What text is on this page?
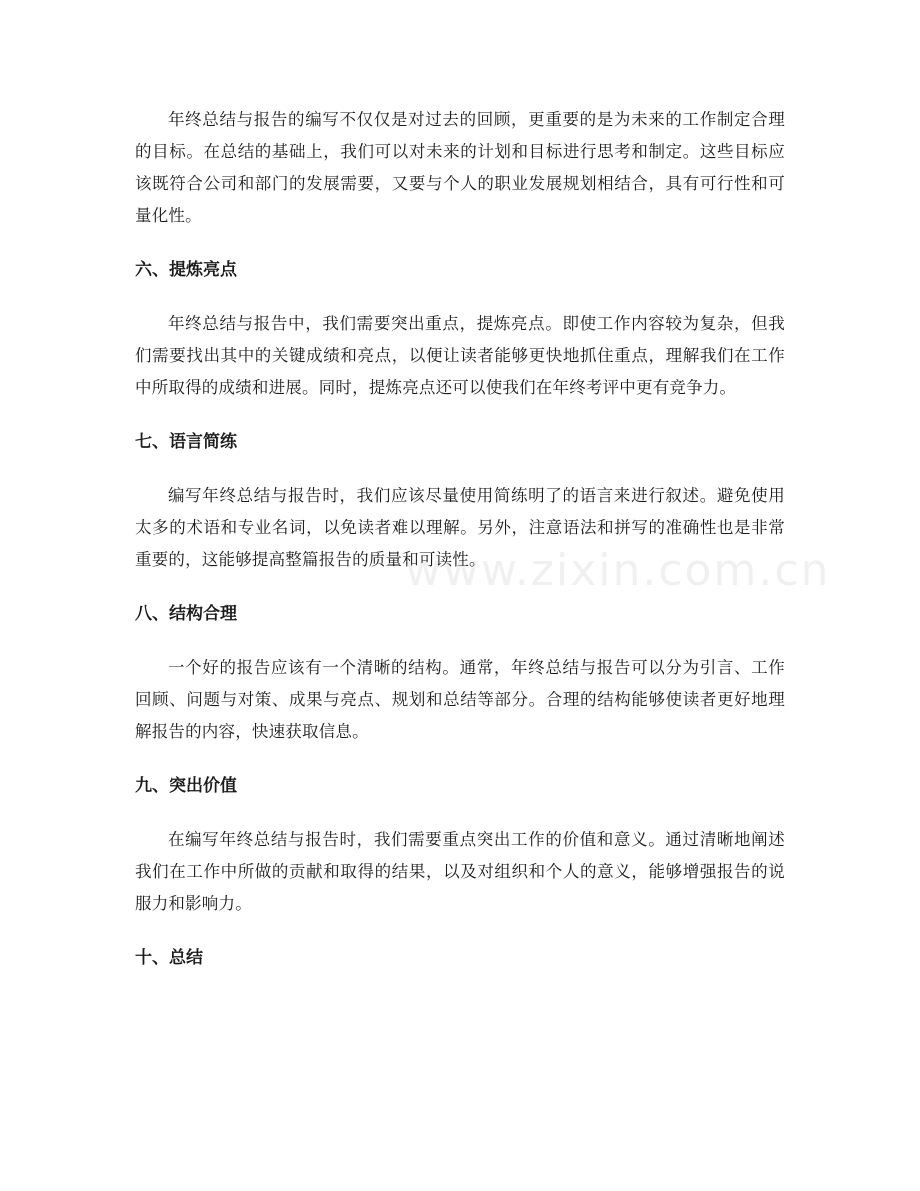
年终总结与报告的编写不仅仅是对过去的回顾，更重要的是为未来的工作制定合理的目标。在总结的基础上，我们可以对未来的计划和目标进行思考和制定。这些目标应该既符合公司和部门的发展需要，又要与个人的职业发展规划相结合，具有可行性和可量化性。

六、提炼亮点

年终总结与报告中，我们需要突出重点，提炼亮点。即使工作内容较为复杂，但我们需要找出其中的关键成绩和亮点，以便让读者能够更快地抓住重点，理解我们在工作中所取得的成绩和进展。同时，提炼亮点还可以使我们在年终考评中更有竞争力。

七、语言简练

编写年终总结与报告时，我们应该尽量使用简练明了的语言来进行叙述。避免使用太多的术语和专业名词，以免读者难以理解。另外，注意语法和拼写的准确性也是非常重要的，这能够提高整篇报告的质量和可读性。

八、结构合理

一个好的报告应该有一个清晰的结构。通常，年终总结与报告可以分为引言、工作回顾、问题与对策、成果与亮点、规划和总结等部分。合理的结构能够使读者更好地理解报告的内容，快速获取信息。

九、突出价值

在编写年终总结与报告时，我们需要重点突出工作的价值和意义。通过清晰地阐述我们在工作中所做的贡献和取得的结果，以及对组织和个人的意义，能够增强报告的说服力和影响力。

十、总结
www.zixin.com.cn
